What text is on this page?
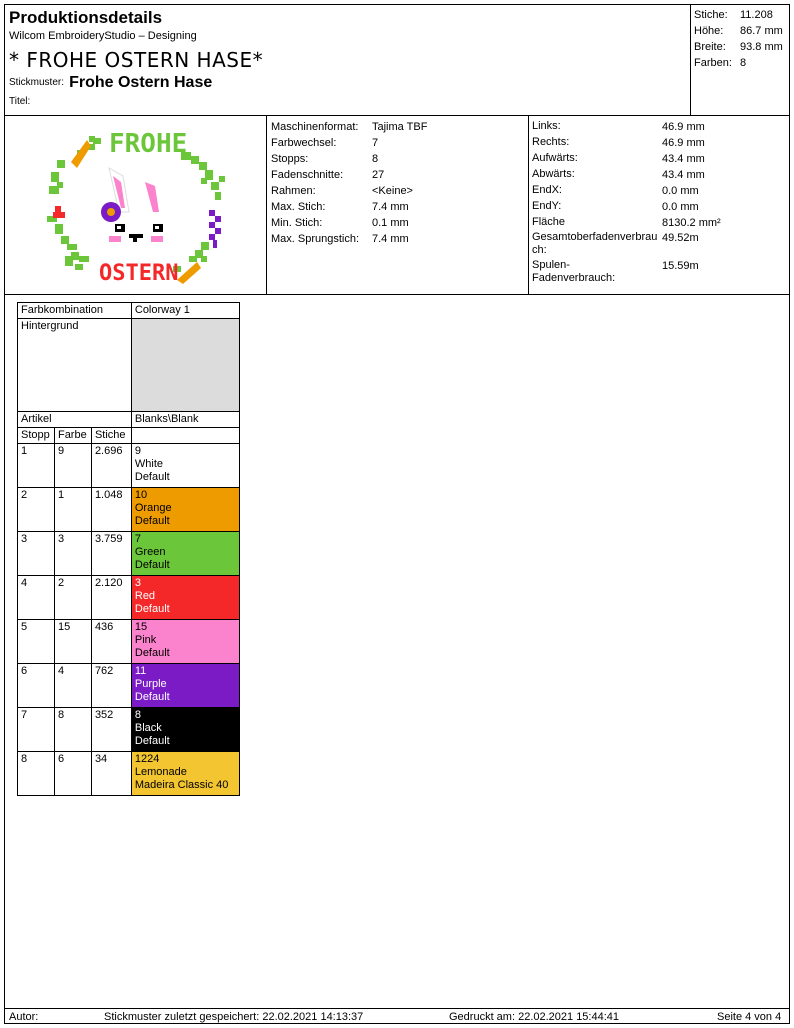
Produktionsdetails
Wilcom EmbroideryStudio – Designing
* FROHE OSTERN HASE*
Stickmuster: Frohe Ostern Hase
Titel:
Stiche:	11.208
Höhe:	86.7 mm
Breite:	93.8 mm
Farben: 8
FROHE
OSTERN
Maschinenformat:	Tajima TBF
Farbwechsel:	7
Stopps:	8
Fadenschnitte:	27
Rahmen:	<Keine>
Max. Stich:	7.4 mm
Min. Stich:	0.1 mm
Max. Sprungstich:	7.4 mm
Links:	46.9 mm
Rechts:	46.9 mm
Aufwärts:	43.4 mm
Abwärts:	43.4 mm
EndX:	0.0 mm
EndY:	0.0 mm
Fläche	8130.2 mm²
Gesamtoberfadenverbrauch:
49.52m
Spulen-Fadenverbrauch:
15.59m
Farbkombination			Colorway 1
Hintergrund			
Artikel			Blanks\Blank
Stopp	Farbe	Stiche	
1	9	2.696	9
White
Default

2	1	1.048	10
Orange
Default

3	3	3.759	7
Green
Default

4	2	2.120	3
Red
Default

5	15	436	15
Pink
Default

6	4	762	11
Purple
Default

7	8	352	8
Black
Default

8	6	34	1224
Lemonade
Madeira Classic 40
Autor:	Stickmuster zuletzt gespeichert: 22.02.2021 14:13:37	Gedruckt am: 22.02.2021 15:44:41	Seite 4 von 4
